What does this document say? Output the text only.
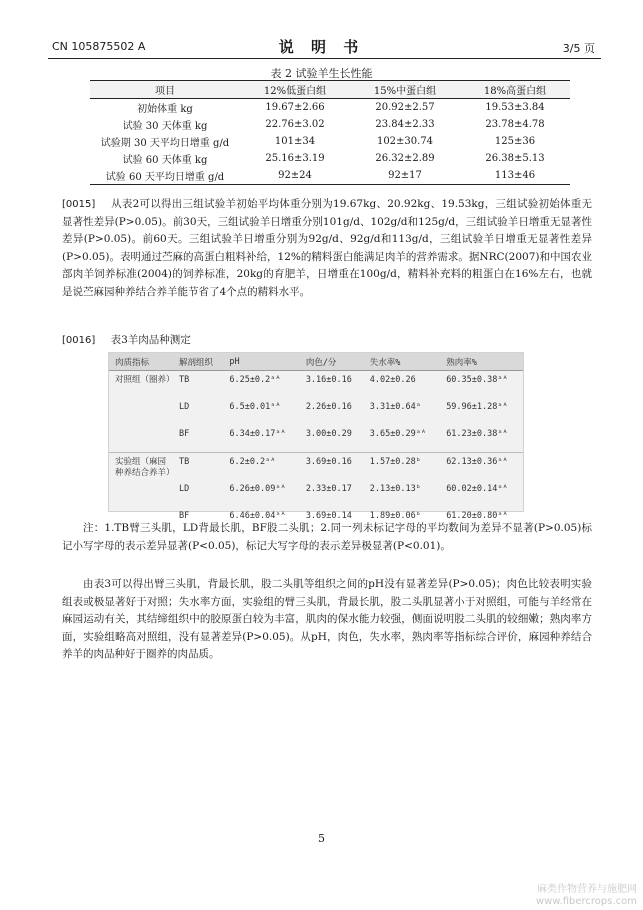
CN 105875502 A	说 明 书	3/5 页
表 2 试验羊生长性能
项目	12%低蛋白组	15%中蛋白组	18%高蛋白组
初始体重 kg	19.67±2.66	20.92±2.57	19.53±3.84
试验 30 天体重 kg	22.76±3.02	23.84±2.33	23.78±4.78
试验期 30 天平均日增重 g/d	101±34	102±30.74	125±36
试验 60 天体重 kg	25.16±3.19	26.32±2.89	26.38±5.13
试验 60 天平均日增重 g/d	92±24	92±17	113±46
[0015] 从表2可以得出三组试验羊初始平均体重分别为19.67kg、20.92kg、19.53kg，三组试验初始体重无显著性差异(P>0.05)。前30天，三组试验羊日增重分别101g/d、102g/d和125g/d，三组试验羊日增重无显著性差异(P>0.05)。前60天。三组试验羊日增重分别为92g/d、92g/d和113g/d，三组试验羊日增重无显著性差异(P>0.05)。表明通过苎麻的高蛋白粗料补给，12%的精料蛋白能满足肉羊的营养需求。据NRC(2007)和中国农业部肉羊饲养标准(2004)的饲养标准，20kg的育肥羊，日增重在100g/d，精料补充料的粗蛋白在16%左右，也就是说苎麻园种养结合养羊能节省了4个点的精料水平。
[0016] 表3羊肉品种测定
肉质指标	解剖组织	pH	肉色/分	失水率%	熟肉率%
对照组（圈养）	TB	6.25±0.2ᵃᴬ	3.16±0.16	4.02±0.26	60.35±0.38ᵃᴬ
	LD	6.5±0.01ᵃᴬ	2.26±0.16	3.31±0.64ᵃ	59.96±1.28ᵃᴬ
	BF	6.34±0.17ᵃᴬ	3.00±0.29	3.65±0.29ᵃᴬ	61.23±0.38ᵃᴬ
实验组（麻园种养结合养羊）	TB	6.2±0.2ᵃᴬ	3.69±0.16	1.57±0.28ᵇ	62.13±0.36ᵃᴬ
	LD	6.26±0.09ᵃᴬ	2.33±0.17	2.13±0.13ᵇ	60.02±0.14ᵃᴬ
	BF	6.46±0.04ᵃᴬ	3.69±0.14	1.89±0.06ᵇ	61.20±0.80ᵃᴬ
注：1.TB臂三头肌，LD背最长肌，BF股二头肌；2.同一列未标记字母的平均数间为差异不显著(P>0.05)标记小写字母的表示差异显著(P<0.05)，标记大写字母的表示差异极显著(P<0.01)。
由表3可以得出臂三头肌，背最长肌，股二头肌等组织之间的pH没有显著差异(P>0.05)；肉色比较表明实验组表或极显著好于对照；失水率方面，实验组的臂三头肌，背最长肌，股二头肌显著小于对照组，可能与羊经常在麻园运动有关，其结缔组织中的胶原蛋白较为丰富，肌肉的保水能力较强，侧面说明股二头肌的较细嫩；熟肉率方面，实验组略高对照组，没有显著差异(P>0.05)。从pH，肉色，失水率，熟肉率等指标综合评价，麻园种养结合养羊的肉品种好于圈养的肉品质。
5
麻类作物营养与施肥网
www.fibercrops.com
